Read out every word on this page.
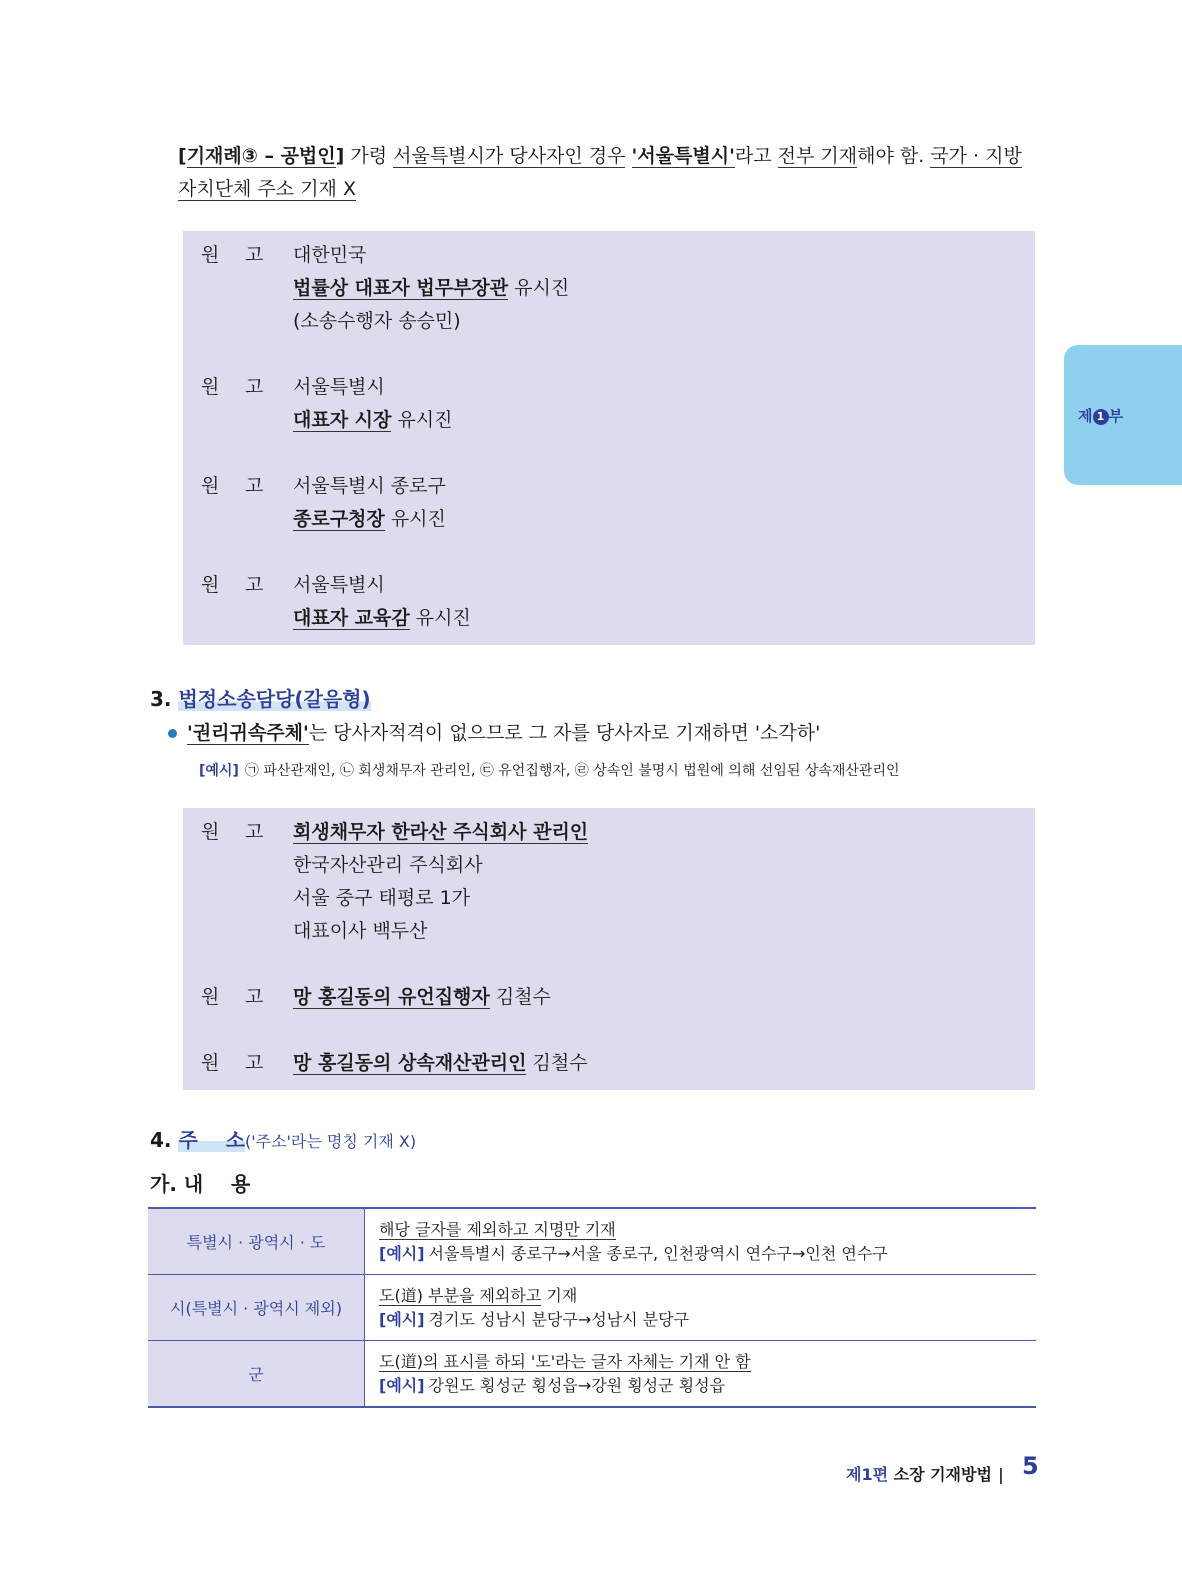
[기재례③ – 공법인] 가령 서울특별시가 당사자인 경우 '서울특별시'라고 전부 기재해야 함. 국가 · 지방자치단체 주소 기재 X

원 고	대한민국
법률상 대표자 법무부장관 유시진
(소송수행자 송승민)
원 고	서울특별시
대표자 시장 유시진
원 고	서울특별시 종로구
종로구청장 유시진
원 고	서울특별시
대표자 교육감 유시진
3. 법정소송담당(갈음형)
'권리귀속주체'는 당사자적격이 없으므로 그 자를 당사자로 기재하면 '소각하'
[예시] ㉠ 파산관재인, ㉡ 회생채무자 관리인, ㉢ 유언집행자, ㉣ 상속인 불명시 법원에 의해 선임된 상속재산관리인
원 고	회생채무자 한라산 주식회사 관리인
한국자산관리 주식회사
서울 중구 태평로 1가
대표이사 백두산
원 고	망 홍길동의 유언집행자 김철수
원 고	망 홍길동의 상속재산관리인 김철수
4. 주    소('주소'라는 명칭 기재 X)
가. 내    용
특별시 · 광역시 · 도	해당 글자를 제외하고 지명만 기재
[예시] 서울특별시 종로구→서울 종로구, 인천광역시 연수구→인천 연수구

시(특별시 · 광역시 제외)	도(道) 부분을 제외하고 기재
[예시] 경기도 성남시 분당구→성남시 분당구

군	도(道)의 표시를 하되 '도'라는 글자 자체는 기재 안 함
[예시] 강원도 횡성군 횡성읍→강원 횡성군 횡성읍
제 1 부
제1편 소장 기재방법 | 5
